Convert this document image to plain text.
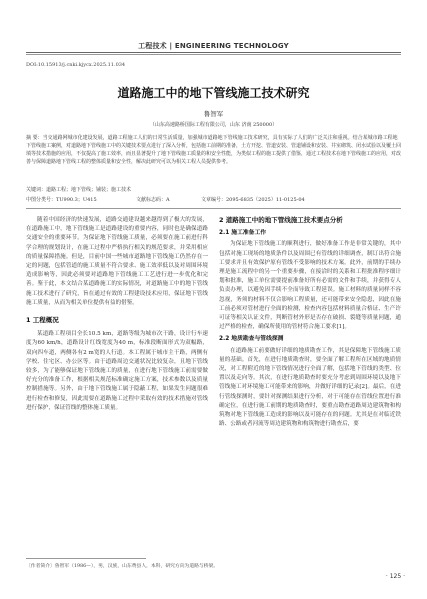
工程技术 | ENGINEERING TECHNOLOGY
DOI:10.15913/j.cnki.kjycx.2025.11.034
道路施工中的地下管线施工技术研究
鲁智军
（山东高速路桥国际工程有限公司，山东 济南 250000）
摘 要：当交通路网城市化建设发展，道路工程施工人们的日常生活质量，加强城市道路地下管线施工技术研究，具有实际了人们的广泛关注和重视。结合某城市路工程地下管线施工案例，对道路地下管线施工中的关键技术要点进行了深入分析，包括施工前期的准备，土方开挖、管道安装、管道铺设和安装、井室砌筑、闭水试验以及覆土回填等技术措施的应用，不仅提高了施工效率，而且显著提升了地下管线施工质量的和安全性能，为类似工程的施工提供了借鉴，通过工程技术在地下管线施工的应用，对改善与保障道路地下管线工程的整体质量和安全性，解决此研究可以为相关工程人员提供参考。
关键词：道路工程；地下管线；铺装；施工技术
中图分类号：TU990.3；U415	文献标志码：A	文章编号：2095-6835（2025）11-0125-04

随着中国经济的快速发展，道路交通建设越来越得到了极大的发展，在道路施工中，地下管线施工是道路建设的重要内容，同时也是确保道路交通安全的重要环节。为保证地下管线施工质量，必须要在施工前进行科学合理的规划设计，在施工过程中严格执行相关的规范要求，并采用相应的质量保障措施。但是，目前中国一些城市道路地下管线施工仍然存在一定的问题，包括管道的施工质量不符合要求、施工效率低以及对周围环境造成影响等，因此必须要对道路地下管线施工工艺进行进一步优化和完善。鉴于此，本文结合某道路施工的实际情况，对道路施工中的地下管线施工技术进行了研究，旨在通过有效的工程建设技术应用，保证地下管线施工质量，从而为相关单位提供有益的借鉴。

1 工程概况

某道路工程项目全长10.5 km，道路等级为城市次干路，设计行车速度为60 km/h，道路设计红线宽度为40 m，标准段断面形式为双幅路，双向四车道，两侧各有2 m宽的人行道。本工程属于城市主干路，两侧有学校、住宅区、办公区等。由于道路周边交通状况比较复杂，且地下管线较多，为了能够保证地下管线施工的质量，在进行地下管线施工前需要做好充分的准备工作，根据相关规范标准确定施工方案，技术参数以及质量控制措施等。另外，由于地下管线施工属于隐蔽工程，如果发生问题很难进行检查和修复，因此需要在道路施工过程中采取有效的技术措施对管线进行保护，保证管线的整体施工质量。

2 道路施工中的地下管线施工技术要点分析
2.1 施工准备工作

为保证地下管线施工的顺利进行，做好准备工作是非常关键的，其中包括对施工现场的地质条件以及周围已有管线的详细调查，制订出符合施工要求并且有效保护原有管线不受影响的技术方案。此外，前期的手续办理是施工流程中的另一个重要步骤，在接洽时的关系和工程批准程序细计划和批准，施工单位需要提前准备好所有必需的文件和手续，并获得专人负责办理，以避免因手续不全而导致工程延误。施工材料的质量同样不容忽视，务须的材料不仅合影响工程质量，还可能带来安全隐患，因此在施工前必须对管材进行全面的检测，检查内容包括材料质量合格证、生产许可证等相关认证文件，判断管材外形是否存在破损、裂缝等质量问题，通过严格的检查，确保所使用的管材符合施工要求[1]。

2.2 地质勘查与管线探测

在道路施工前要做好详细的地质勘查工作，其是保障地下管线施工质量的基础。首先，在进行地质勘查时，要全面了解工程所在区域的地质情况，对工程附近的地下管线情况进行全面了解，包括地下管线的类型、位置以及走向等。其次，在进行地质勘查时要充分考虑到周围环境以及地下管线施工对环境施工可能带来的影响，并做好详细的记录[2]。最后，在进行管线探测时，要针对探测结果进行分析，对于可能存在管线位置进行准确定位，在进行施工前期的地质勘查时，要重点勘查道路周边建筑物和构筑物对地下管线施工造成的影响以及可能存在的问题。尤其是在对临近铁路、公路或者河流等周边建筑物和构筑物进行勘查后，要

〔作者简介〕鲁智军（1986—），男，汉族，山东费县人，本科，研究方向为道路与桥梁。
· 125 ·
